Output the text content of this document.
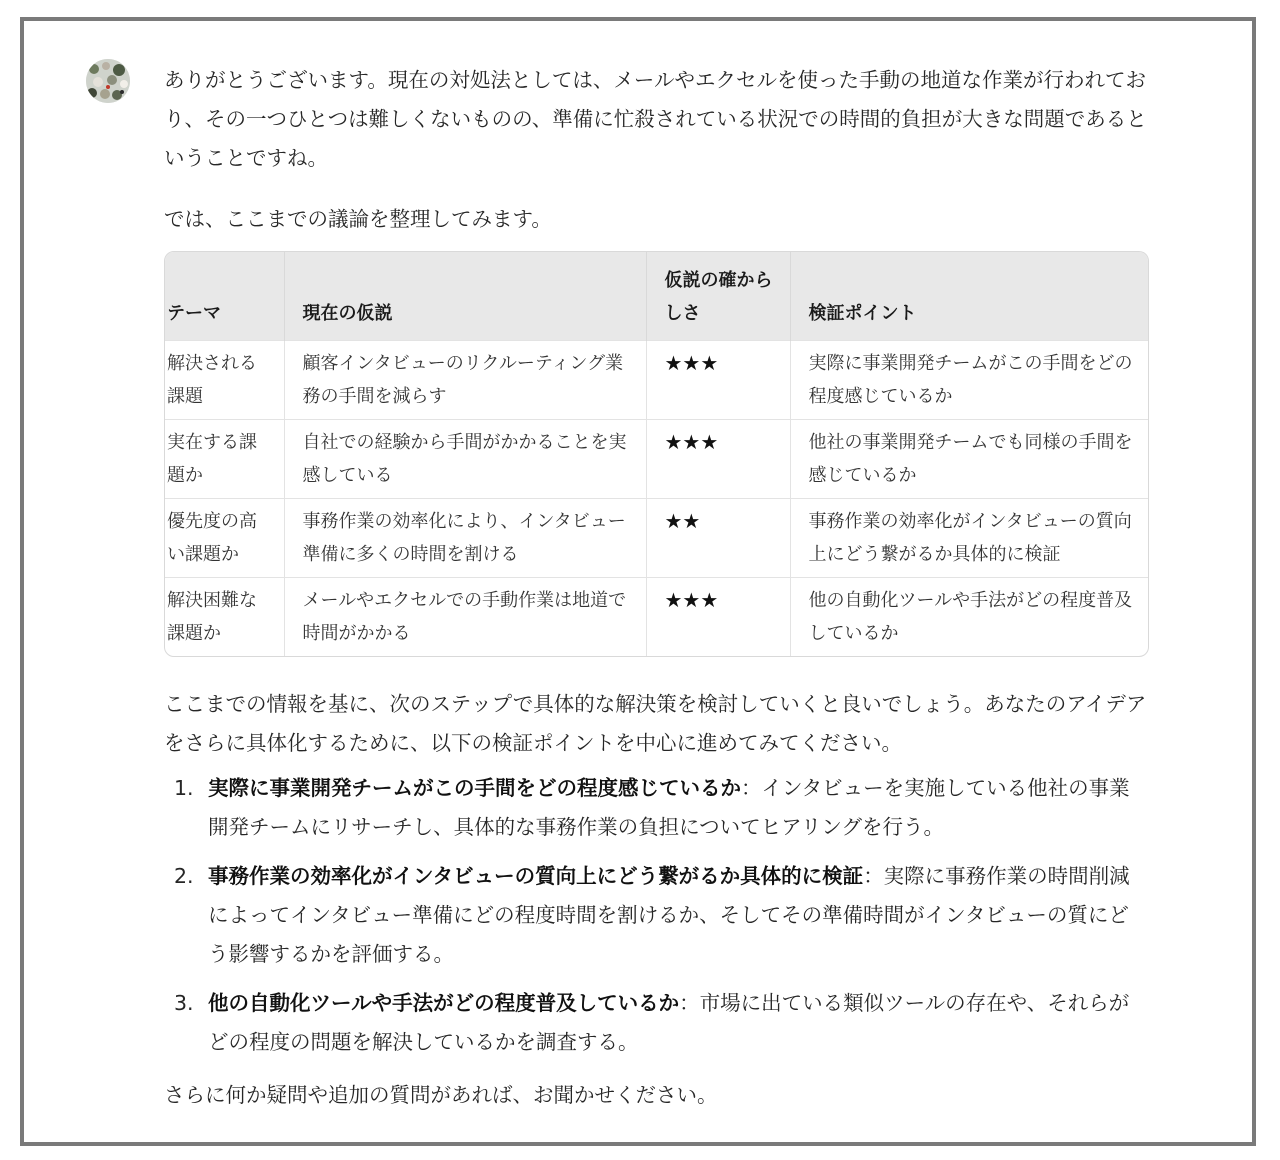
ありがとうございます。現在の対処法としては、メールやエクセルを使った手動の地道な作業が行われており、その一つひとつは難しくないものの、準備に忙殺されている状況での時間的負担が大きな問題であるということですね。

では、ここまでの議論を整理してみます。

テーマ	現在の仮説	仮説の確からしさ	検証ポイント
解決される課題	顧客インタビューのリクルーティング業務の手間を減らす	★★★	実際に事業開発チームがこの手間をどの程度感じているか
実在する課題か	自社での経験から手間がかかることを実感している	★★★	他社の事業開発チームでも同様の手間を感じているか
優先度の高い課題か	事務作業の効率化により、インタビュー準備に多くの時間を割ける	★★	事務作業の効率化がインタビューの質向上にどう繋がるか具体的に検証
解決困難な課題か	メールやエクセルでの手動作業は地道で時間がかかる	★★★	他の自動化ツールや手法がどの程度普及しているか

ここまでの情報を基に、次のステップで具体的な解決策を検討していくと良いでしょう。あなたのアイデアをさらに具体化するために、以下の検証ポイントを中心に進めてみてください。

1. 実際に事業開発チームがこの手間をどの程度感じているか：インタビューを実施している他社の事業開発チームにリサーチし、具体的な事務作業の負担についてヒアリングを行う。
2. 事務作業の効率化がインタビューの質向上にどう繋がるか具体的に検証：実際に事務作業の時間削減によってインタビュー準備にどの程度時間を割けるか、そしてその準備時間がインタビューの質にどう影響するかを評価する。
3. 他の自動化ツールや手法がどの程度普及しているか：市場に出ている類似ツールの存在や、それらがどの程度の問題を解決しているかを調査する。

さらに何か疑問や追加の質問があれば、お聞かせください。
